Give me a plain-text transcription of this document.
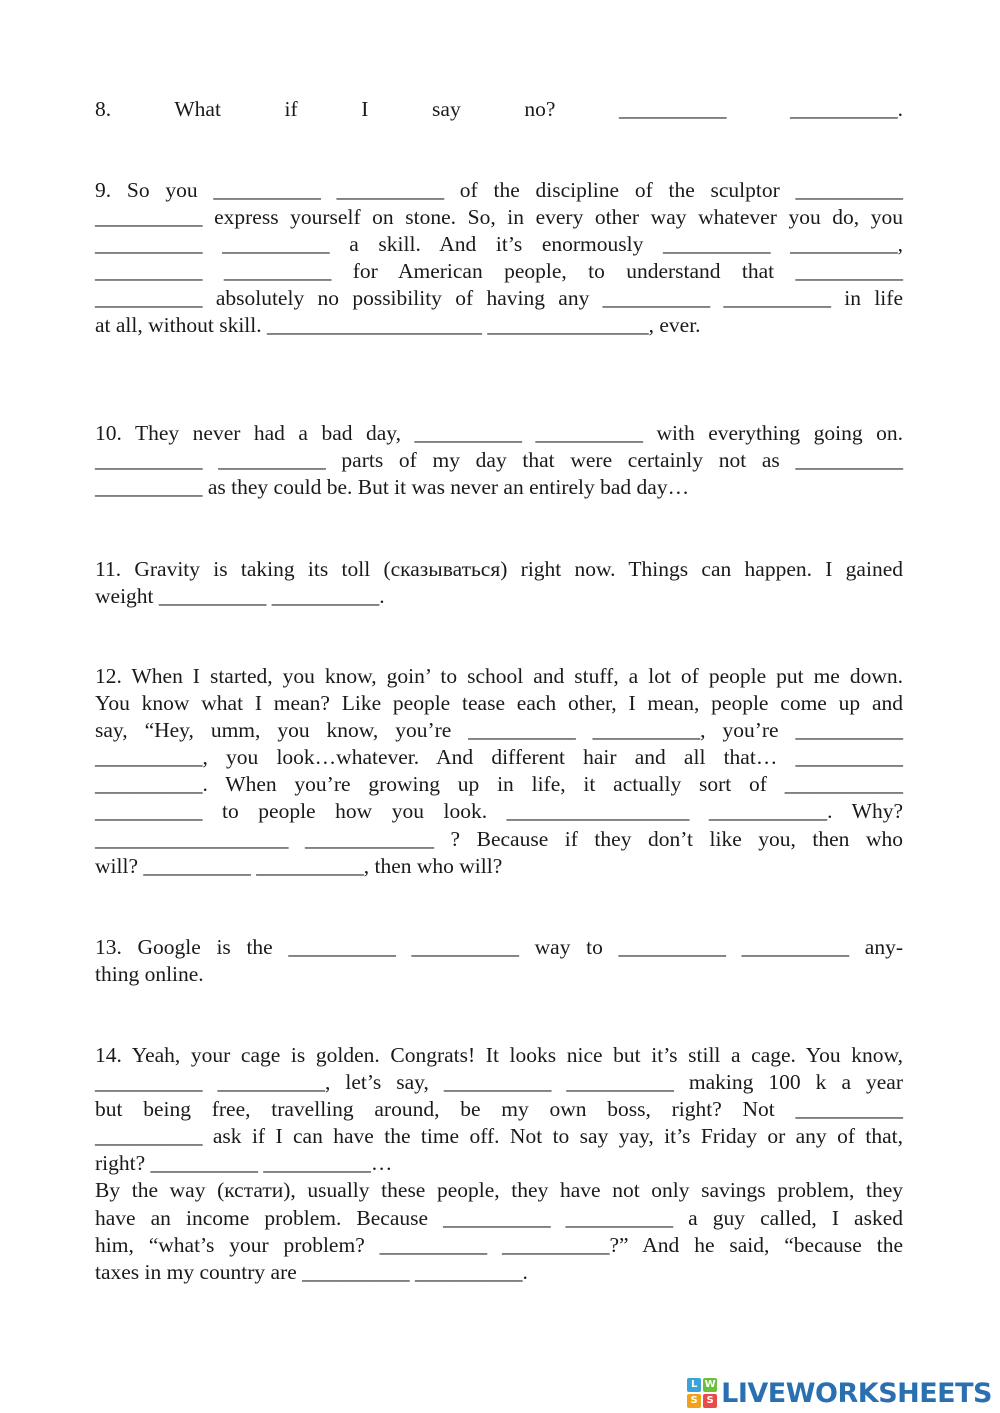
8. What if I say no? __________ __________.

9. So you __________ __________ of the discipline of the sculptor __________
__________ express yourself on stone. So, in every other way whatever you do, you
__________ __________ a skill. And it’s enormously __________ __________,
__________ __________ for American people, to understand that __________
__________ absolutely no possibility of having any __________ __________ in life
at all, without skill. ____________________ _______________, ever.

10. They never had a bad day, __________ __________ with everything going on.
__________ __________ parts of my day that were certainly not as __________
__________ as they could be. But it was never an entirely bad day…

11. Gravity is taking its toll (сказываться) right now. Things can happen. I gained
weight __________ __________.

12. When I started, you know, goin’ to school and stuff, a lot of people put me down.
You know what I mean? Like people tease each other, I mean, people come up and
say, “Hey, umm, you know, you’re __________ __________, you’re __________
__________, you look…whatever. And different hair and all that… __________
__________. When you’re growing up in life, it actually sort of ___________
__________ to people how you look. _________________ ___________. Why?
__________________ ____________ ? Because if they don’t like you, then who
will? __________ __________, then who will?

13. Google is the __________ __________ way to __________ __________ any-
thing online.

14. Yeah, your cage is golden. Congrats! It looks nice but it’s still a cage. You know,
__________ __________, let’s say, __________ __________ making 100 k a year
but being free, travelling around, be my own boss, right? Not __________
__________ ask if I can have the time off. Not to say yay, it’s Friday or any of that,
right? __________ __________…
By the way (кстати), usually these people, they have not only savings problem, they
have an income problem. Because __________ __________ a guy called, I asked
him, “what’s your problem? __________ __________?” And he said, “because the
taxes in my country are __________ __________.

L W
S S LIVEWORKSHEETS
